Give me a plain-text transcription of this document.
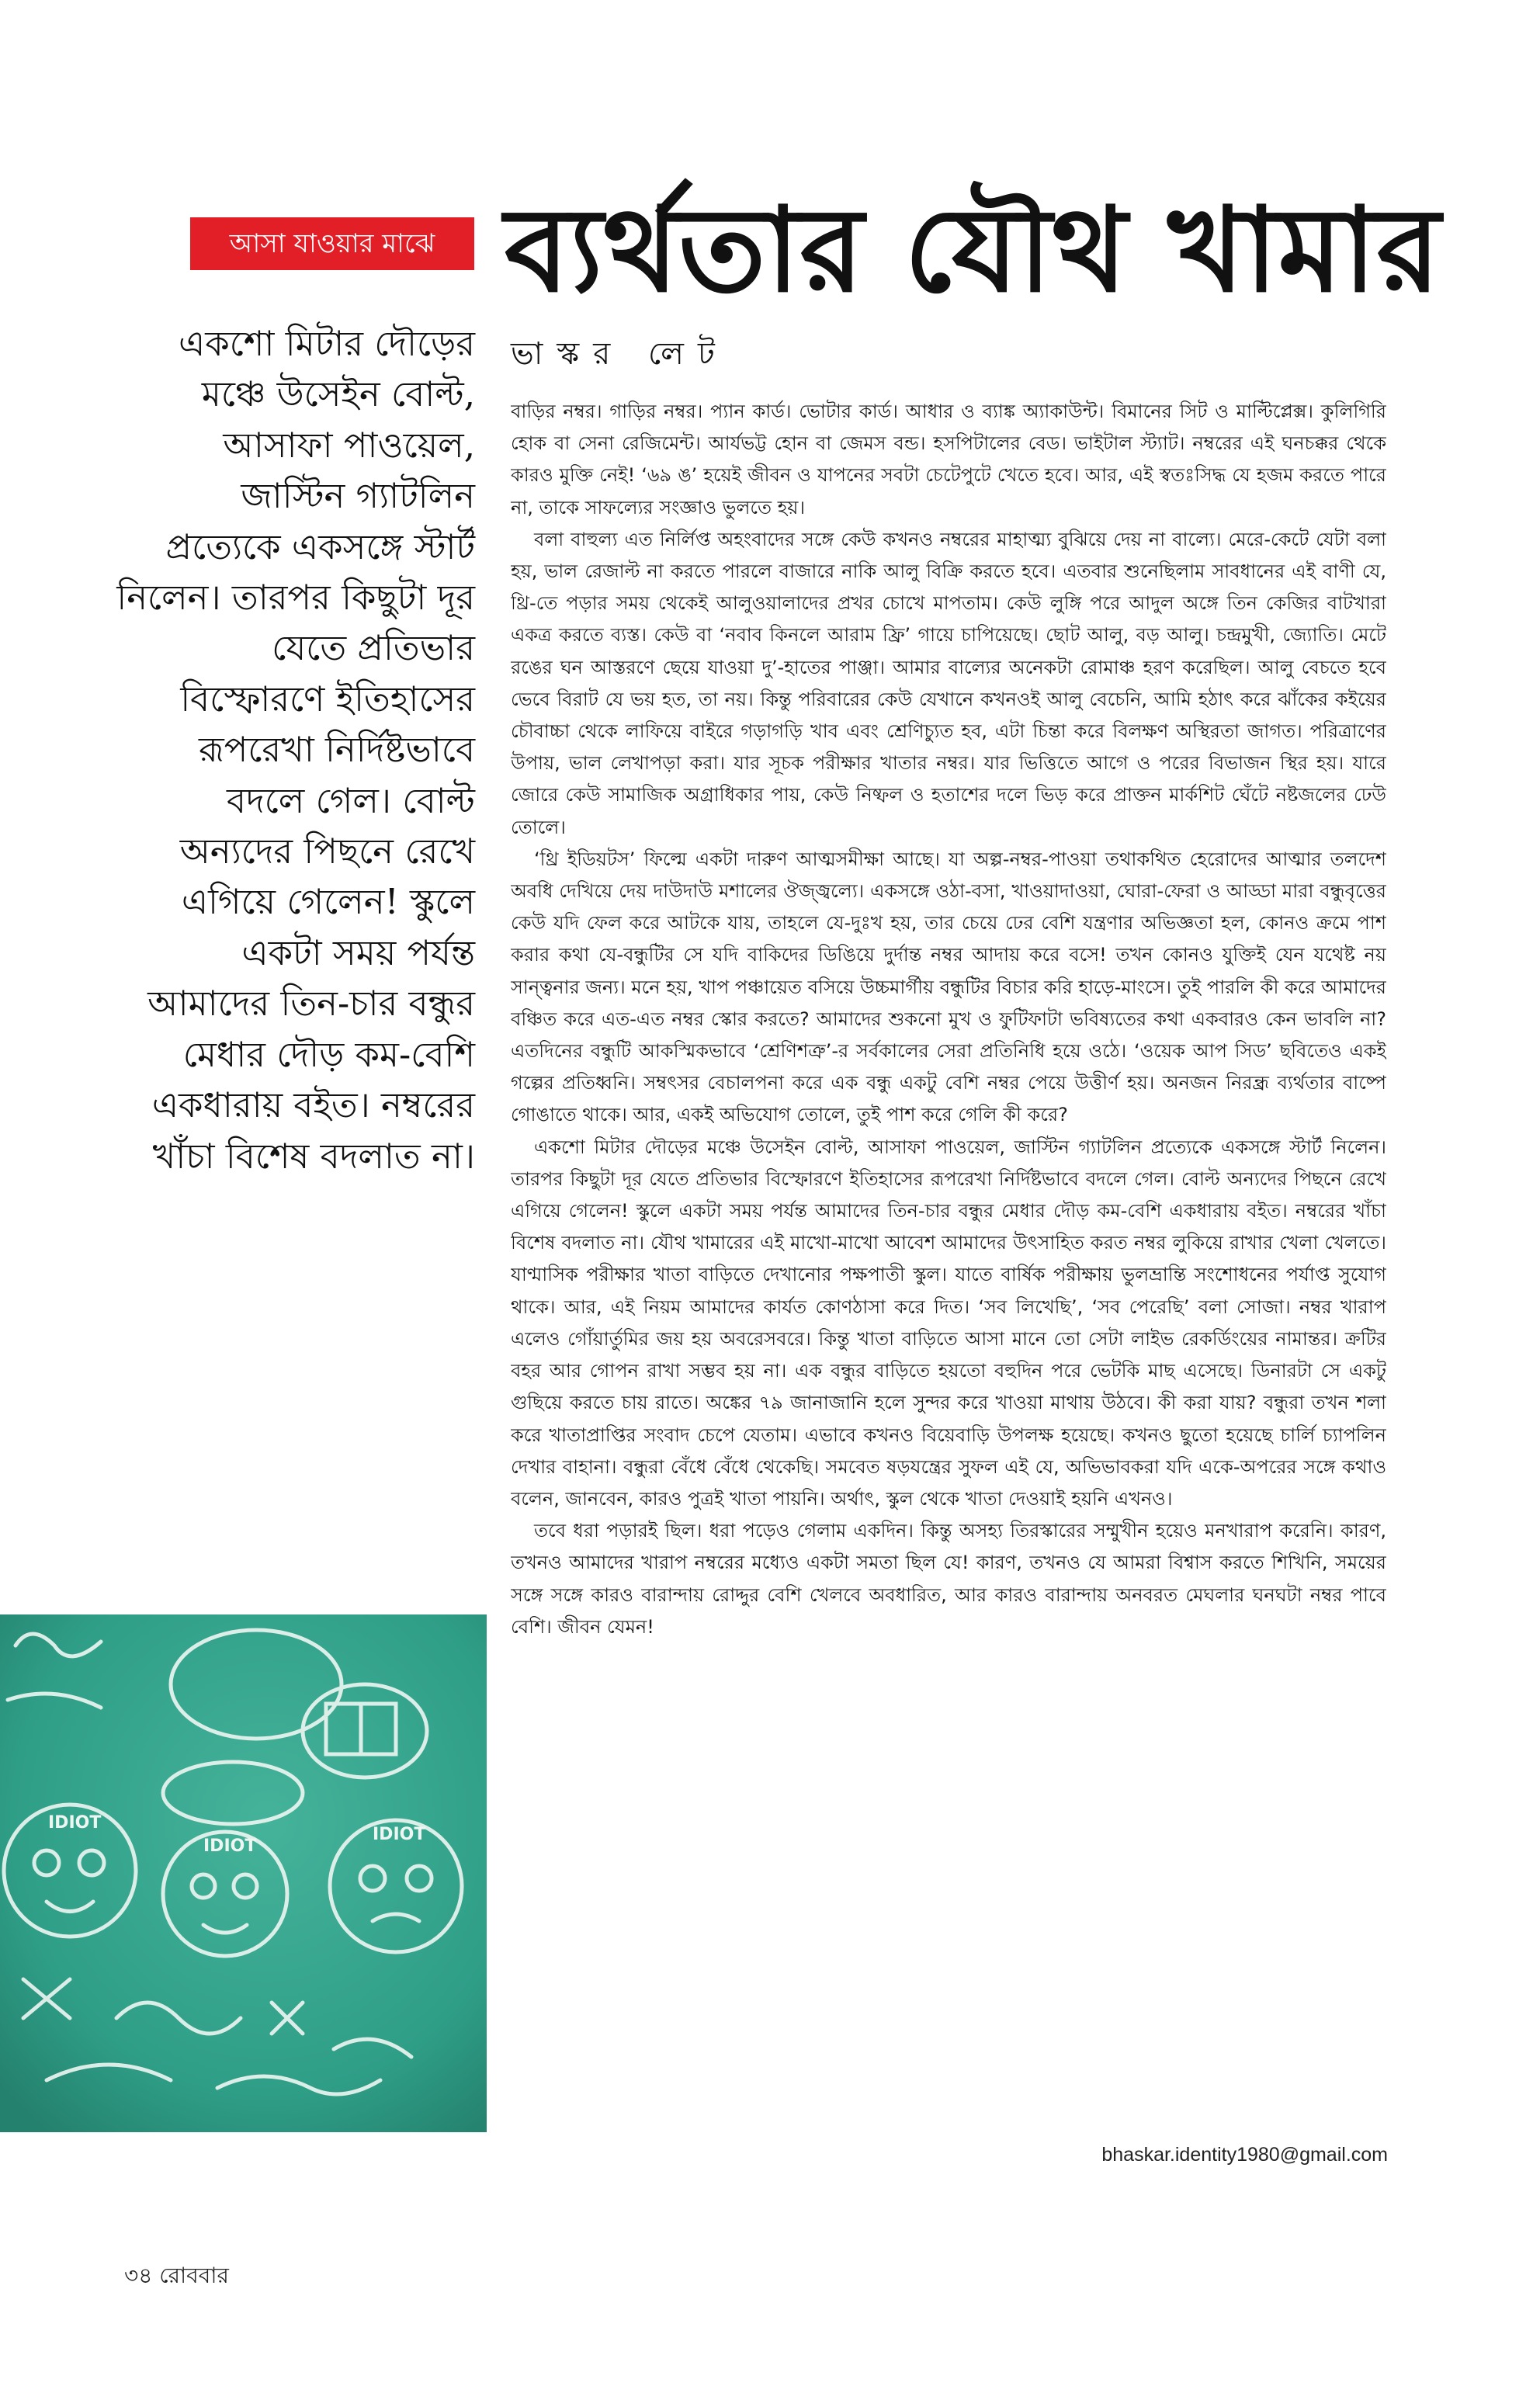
আসা যাওয়ার মাঝে ব্যর্থতার যৌথ খামার
একশো মিটার দৌড়ের মঞ্চে উসেইন বোল্ট, আসাফা পাওয়েল, জাস্টিন গ্যাটলিন প্রত্যেকে একসঙ্গে স্টার্ট নিলেন। তারপর কিছুটা দূর যেতে প্রতিভার বিস্ফোরণে ইতিহাসের রূপরেখা নির্দিষ্টভাবে বদলে গেল। বোল্ট অন্যদের পিছনে রেখে এগিয়ে গেলেন! স্কুলে একটা সময় পর্যন্ত আমাদের তিন-চার বন্ধুর মেধার দৌড় কম-বেশি একধারায় বইত। নম্বরের খাঁচা বিশেষ বদলাত না।
ভাস্কর লেট

বাড়ির নম্বর। গাড়ির নম্বর। প্যান কার্ড। ভোটার কার্ড। আধার ও ব্যাঙ্ক অ্যাকাউন্ট। বিমানের সিট ও মাল্টিপ্লেক্স। কুলিগিরি হোক বা সেনা রেজিমেন্ট। আর্যভট্ট হোন বা জেমস বন্ড। হসপিটালের বেড। ভাইটাল স্ট্যাট। নম্বরের এই ঘনচক্কর থেকে কারও মুক্তি নেই! ‘৬৯ ঙ’ হয়েই জীবন ও যাপনের সবটা চেটেপুটে খেতে হবে। আর, এই স্বতঃসিদ্ধ যে হজম করতে পারে না, তাকে সাফল্যের সংজ্ঞাও ভুলতে হয়।

বলা বাহুল্য এত নির্লিপ্ত অহংবাদের সঙ্গে কেউ কখনও নম্বরের মাহাত্ম্য বুঝিয়ে দেয় না বাল্যে। মেরে-কেটে যেটা বলা হয়, ভাল রেজাল্ট না করতে পারলে বাজারে নাকি আলু বিক্রি করতে হবে। এতবার শুনেছিলাম সাবধানের এই বাণী যে, থ্রি-তে পড়ার সময় থেকেই আলুওয়ালাদের প্রখর চোখে মাপতাম। কেউ লুঙ্গি পরে আদুল অঙ্গে তিন কেজির বাটখারা একত্র করতে ব্যস্ত। কেউ বা ‘নবাব কিনলে আরাম ফ্রি’ গায়ে চাপিয়েছে। ছোট আলু, বড় আলু। চন্দ্রমুখী, জ্যোতি। মেটে রঙের ঘন আস্তরণে ছেয়ে যাওয়া দু’-হাতের পাঞ্জা। আমার বাল্যের অনেকটা রোমাঞ্চ হরণ করেছিল। আলু বেচতে হবে ভেবে বিরাট যে ভয় হত, তা নয়। কিন্তু পরিবারের কেউ যেখানে কখনওই আলু বেচেনি, আমি হঠাৎ করে ঝাঁকের কইয়ের চৌবাচ্চা থেকে লাফিয়ে বাইরে গড়াগড়ি খাব এবং শ্রেণিচ্যুত হব, এটা চিন্তা করে বিলক্ষণ অস্থিরতা জাগত। পরিত্রাণের উপায়, ভাল লেখাপড়া করা। যার সূচক পরীক্ষার খাতার নম্বর। যার ভিত্তিতে আগে ও পরের বিভাজন স্থির হয়। যারে জোরে কেউ সামাজিক অগ্রাধিকার পায়, কেউ নিষ্ফল ও হতাশের দলে ভিড় করে প্রাক্তন মার্কশিট ঘেঁটে নষ্টজলের ঢেউ তোলে।

‘থ্রি ইডিয়টস’ ফিল্মে একটা দারুণ আত্মসমীক্ষা আছে। যা অল্প-নম্বর-পাওয়া তথাকথিত হেরোদের আত্মার তলদেশ অবধি দেখিয়ে দেয় দাউদাউ মশালের ঔজ্জ্বল্যে। একসঙ্গে ওঠা-বসা, খাওয়াদাওয়া, ঘোরা-ফেরা ও আড্ডা মারা বন্ধুবৃত্তের কেউ যদি ফেল করে আটকে যায়, তাহলে যে-দুঃখ হয়, তার চেয়ে ঢের বেশি যন্ত্রণার অভিজ্ঞতা হল, কোনও ক্রমে পাশ করার কথা যে-বন্ধুটির সে যদি বাকিদের ডিঙিয়ে দুর্দান্ত নম্বর আদায় করে বসে! তখন কোনও যুক্তিই যেন যথেষ্ট নয় সান্ত্বনার জন্য। মনে হয়, খাপ পঞ্চায়েত বসিয়ে উচ্চমার্গীয় বন্ধুটির বিচার করি হাড়ে-মাংসে। তুই পারলি কী করে আমাদের বঞ্চিত করে এত-এত নম্বর স্কোর করতে? আমাদের শুকনো মুখ ও ফুটিফাটা ভবিষ্যতের কথা একবারও কেন ভাবলি না? এতদিনের বন্ধুটি আকস্মিকভাবে ‘শ্রেণিশত্রু’-র সর্বকালের সেরা প্রতিনিধি হয়ে ওঠে। ‘ওয়েক আপ সিড’ ছবিতেও একই গল্পের প্রতিধ্বনি। সম্বৎসর বেচালপনা করে এক বন্ধু একটু বেশি নম্বর পেয়ে উত্তীর্ণ হয়। অনজন নিরন্ধ্র ব্যর্থতার বাষ্পে গোঙাতে থাকে। আর, একই অভিযোগ তোলে, তুই পাশ করে গেলি কী করে?

একশো মিটার দৌড়ের মঞ্চে উসেইন বোল্ট, আসাফা পাওয়েল, জাস্টিন গ্যাটলিন প্রত্যেকে একসঙ্গে স্টার্ট নিলেন। তারপর কিছুটা দূর যেতে প্রতিভার বিস্ফোরণে ইতিহাসের রূপরেখা নির্দিষ্টভাবে বদলে গেল। বোল্ট অন্যদের পিছনে রেখে এগিয়ে গেলেন! স্কুলে একটা সময় পর্যন্ত আমাদের তিন-চার বন্ধুর মেধার দৌড় কম-বেশি একধারায় বইত। নম্বরের খাঁচা বিশেষ বদলাত না। যৌথ খামারের এই মাখো-মাখো আবেশ আমাদের উৎসাহিত করত নম্বর লুকিয়ে রাখার খেলা খেলতে। যাণ্মাসিক পরীক্ষার খাতা বাড়িতে দেখানোর পক্ষপাতী স্কুল। যাতে বার্ষিক পরীক্ষায় ভুলভ্রান্তি সংশোধনের পর্যাপ্ত সুযোগ থাকে। আর, এই নিয়ম আমাদের কার্যত কোণঠাসা করে দিত। ‘সব লিখেছি’, ‘সব পেরেছি’ বলা সোজা। নম্বর খারাপ এলেও গোঁয়ার্তুমির জয় হয় অবরেসবরে। কিন্তু খাতা বাড়িতে আসা মানে তো সেটা লাইভ রেকর্ডিংয়ের নামান্তর। ক্রটির বহর আর গোপন রাখা সম্ভব হয় না। এক বন্ধুর বাড়িতে হয়তো বহুদিন পরে ভেটকি মাছ এসেছে। ডিনারটা সে একটু গুছিয়ে করতে চায় রাতে। অঙ্কের ৭৯ জানাজানি হলে সুন্দর করে খাওয়া মাথায় উঠবে। কী করা যায়? বন্ধুরা তখন শলা করে খাতাপ্রাপ্তির সংবাদ চেপে যেতাম। এভাবে কখনও বিয়েবাড়ি উপলক্ষ হয়েছে। কখনও ছুতো হয়েছে চার্লি চ্যাপলিন দেখার বাহানা। বন্ধুরা বেঁধে বেঁধে থেকেছি। সমবেত ষড়যন্ত্রের সুফল এই যে, অভিভাবকরা যদি একে-অপরের সঙ্গে কথাও বলেন, জানবেন, কারও পুত্রই খাতা পায়নি। অর্থাৎ, স্কুল থেকে খাতা দেওয়াই হয়নি এখনও।

তবে ধরা পড়ারই ছিল। ধরা পড়েও গেলাম একদিন। কিন্তু অসহ্য তিরস্কারের সম্মুখীন হয়েও মনখারাপ করেনি। কারণ, তখনও আমাদের খারাপ নম্বরের মধ্যেও একটা সমতা ছিল যে! কারণ, তখনও যে আমরা বিশ্বাস করতে শিখিনি, সময়ের সঙ্গে সঙ্গে কারও বারান্দায় রোদ্দুর বেশি খেলবে অবধারিত, আর কারও বারান্দায় অনবরত মেঘলার ঘনঘটা নম্বর পাবে বেশি। জীবন যেমন!

IDIOT
IDIOT
IDIOT
bhaskar.identity1980@gmail.com
৩৪ রোববার
